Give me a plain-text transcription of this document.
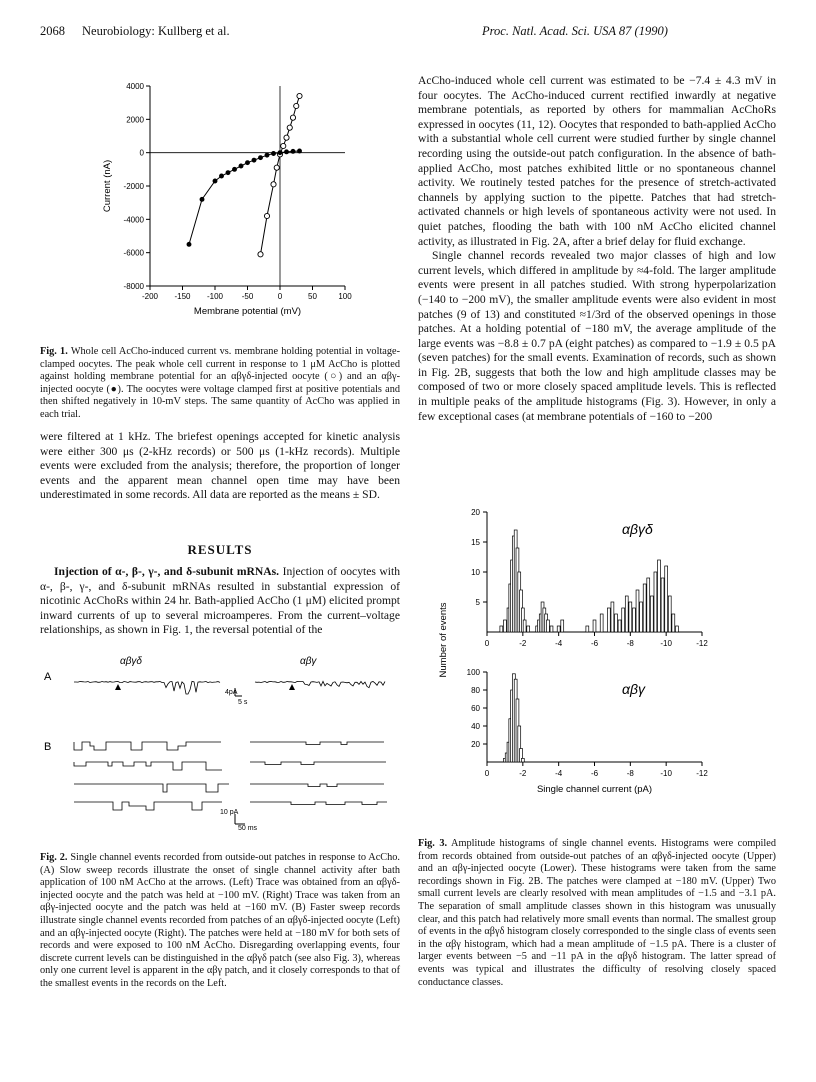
2068 Neurobiology: Kullberg et al.	Proc. Natl. Acad. Sci. USA 87 (1990)
4000
2000
0
-2000
-4000
-6000
-8000
-200 -150 -100 -50	0	50	100
Membrane potential (mV)
Current (nA)
Fig. 1. Whole cell AcCho-induced current vs. membrane holding potential in voltage-clamped oocytes. The peak whole cell current in response to 1 μM AcCho is plotted against holding membrane potential for an αβγδ-injected oocyte (○) and an αβγ-injected oocyte (●). The oocytes were voltage clamped first at positive potentials and then shifted negatively in 10-mV steps. The same quantity of AcCho was applied in each trial.
were filtered at 1 kHz. The briefest openings accepted for kinetic analysis were either 300 μs (2-kHz records) or 500 μs (1-kHz records). Multiple events were excluded from the analysis; therefore, the proportion of longer events and the apparent mean channel open time may have been underestimated in some records. All data are reported as the means ± SD.
RESULTS
Injection of α-, β-, γ-, and δ-subunit mRNAs. Injection of oocytes with α-, β-, γ-, and δ-subunit mRNAs resulted in substantial expression of nicotinic AcChoRs within 24 hr. Bath-applied AcCho (1 μM) elicited prompt inward currents of up to several microamperes. From the current–voltage relationships, as shown in Fig. 1, the reversal potential of the
αβγδ	αβγ
A
B
4pA
5 s
10 pA
50 ms
Fig. 2. Single channel events recorded from outside-out patches in response to AcCho. (A) Slow sweep records illustrate the onset of single channel activity after bath application of 100 nM AcCho at the arrows. (Left) Trace was obtained from an αβγδ-injected oocyte and the patch was held at −100 mV. (Right) Trace was taken from an αβγ-injected oocyte and the patch was held at −160 mV. (B) Faster sweep records illustrate single channel events recorded from patches of an αβγδ-injected oocyte (Left) and an αβγ-injected oocyte (Right). The patches were held at −180 mV for both sets of records and were exposed to 100 nM AcCho. Disregarding overlapping events, four discrete current levels can be distinguished in the αβγδ patch (see also Fig. 3), whereas only one current level is apparent in the αβγ patch, and it closely corresponds to that of the smallest events in the records on the Left.

AcCho-induced whole cell current was estimated to be −7.4 ± 4.3 mV in four oocytes. The AcCho-induced current rectified inwardly at negative membrane potentials, as reported by others for mammalian AcChoRs expressed in oocytes (11, 12). Oocytes that responded to bath-applied AcCho with a substantial whole cell current were studied further by single channel recording using the outside-out patch configuration. In the absence of bath-applied AcCho, most patches exhibited little or no spontaneous channel activity. We routinely tested patches for the presence of stretch-activated channels by applying suction to the pipette. Patches that had stretch-activated channels or high levels of spontaneous activity were not used. In quiet patches, flooding the bath with 100 nM AcCho elicited channel activity, as illustrated in Fig. 2A, after a brief delay for fluid exchange.

Single channel records revealed two major classes of high and low current levels, which differed in amplitude by ≈4-fold. The larger amplitude events were present in all patches studied. With strong hyperpolarization (−140 to −200 mV), the smaller amplitude events were also evident in most patches (9 of 13) and constituted ≈1/3rd of the observed openings in those patches. At a holding potential of −180 mV, the average amplitude of the large events was −8.8 ± 0.7 pA (eight patches) as compared to −1.9 ± 0.5 pA (seven patches) for the small events. Examination of records, such as shown in Fig. 2B, suggests that both the low and high amplitude classes may be composed of two or more closely spaced amplitude levels. This is reflected in multiple peaks of the amplitude histograms (Fig. 3). However, in only a few exceptional cases (at membrane potentials of −160 to −200

20
15
10
5
0	-2	-4	-6	-8	-10	-12
αβγδ
100
80
60
40
20
0	-2	-4	-6	-8	-10	-12
αβγ
Number of events
Single channel current (pA)
Fig. 3. Amplitude histograms of single channel events. Histograms were compiled from records obtained from outside-out patches of an αβγδ-injected oocyte (Upper) and an αβγ-injected oocyte (Lower). These histograms were taken from the same recordings shown in Fig. 2B. The patches were clamped at −180 mV. (Upper) Two small current levels are clearly resolved with mean amplitudes of −1.5 and −3.1 pA. The separation of small amplitude classes shown in this histogram was unusually clear, and this patch had relatively more small events than normal. The smallest group of events in the αβγδ histogram closely corresponded to the single class of events seen in the αβγ histogram, which had a mean amplitude of −1.5 pA. There is a cluster of larger events between −5 and −11 pA in the αβγδ histogram. The latter spread of events was typical and illustrates the difficulty of resolving closely spaced conductance classes.
